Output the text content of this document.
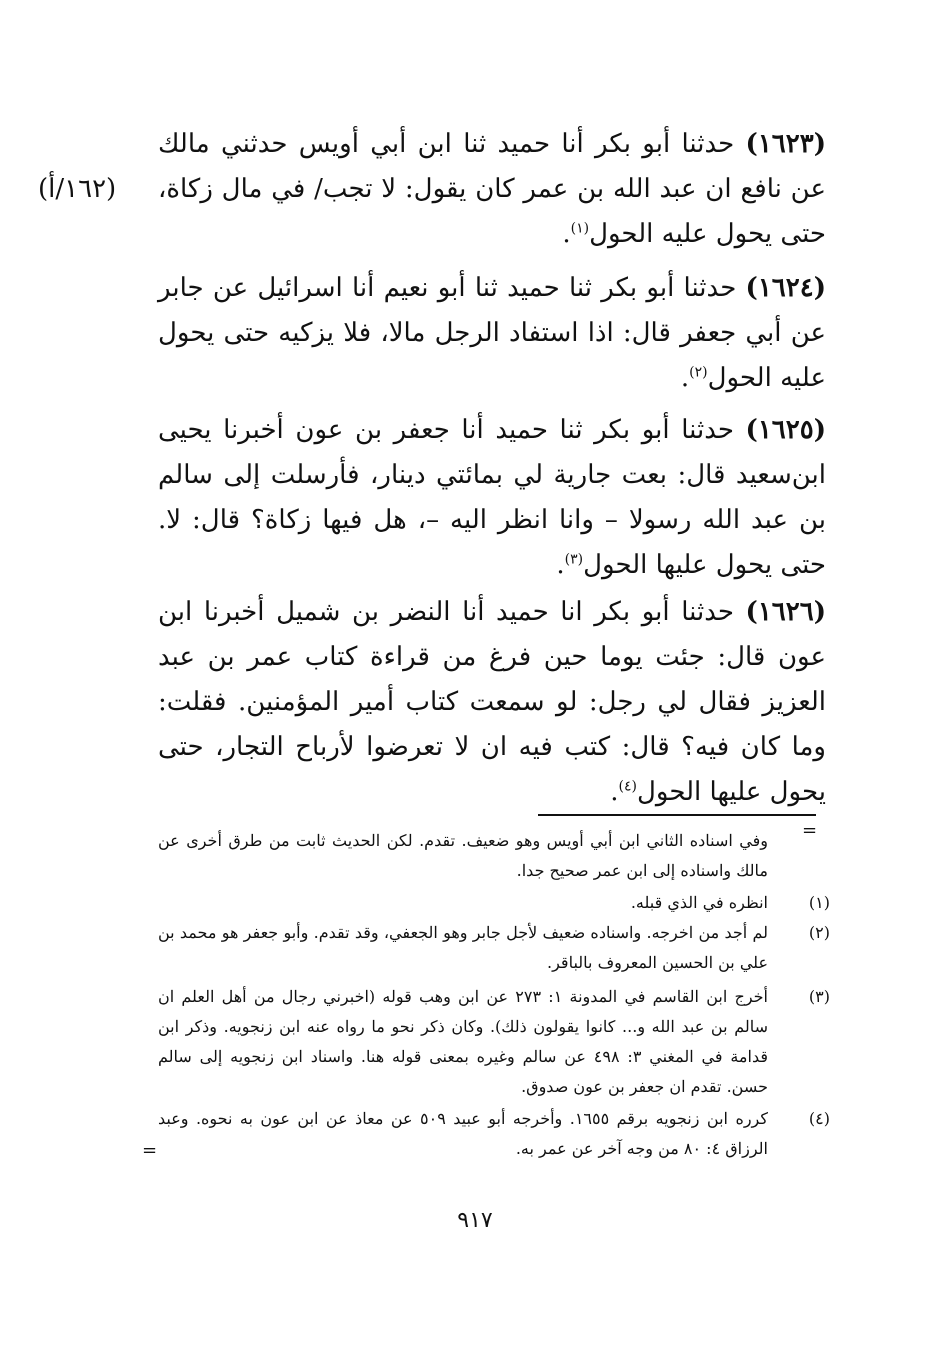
(١٦٢٣) حدثنا أبو بكر أنا حميد ثنا ابن أبي أويس حدثني مالك عن نافع ان عبد الله بن عمر كان يقول: لا تجب/ في مال زكاة، حتى يحول عليه الحول$^{(١)}$.
(١٦٢/أ)

(١٦٢٤) حدثنا أبو بكر ثنا حميد ثنا أبو نعيم أنا اسرائيل عن جابر عن أبي جعفر قال: اذا استفاد الرجل مالا، فلا يزكيه حتى يحول عليه الحول$^{(٢)}$.

(١٦٢٥) حدثنا أبو بكر ثنا حميد أنا جعفر بن عون أخبرنا يحيى ابن‌سعيد قال: بعت جارية لي بمائتي دينار، فأرسلت إلى سالم بن عبد الله رسولا – وانا انظر اليه –، هل فيها زكاة؟ قال: لا. حتى يحول عليها الحول$^{(٣)}$.

(١٦٢٦) حدثنا أبو بكر انا حميد أنا النضر بن شميل أخبرنا ابن عون قال: جئت يوما حين فرغ من قراءة كتاب عمر بن عبد العزيز فقال لي رجل: لو سمعت كتاب أمير المؤمنين. فقلت: وما كان فيه؟ قال: كتب فيه ان لا تعرضوا لأرباح التجار، حتى يحول عليها الحول$^{(٤)}$.

=
وفي اسناده الثاني ابن أبي أويس وهو ضعيف. تقدم. لكن الحديث ثابت من طرق أخرى عن مالك واسناده إلى ابن عمر صحيح جدا.
(١)
انظره في الذي قبله.
(٢)
لم أجد من اخرجه. واسناده ضعيف لأجل جابر وهو الجعفي، وقد تقدم. وأبو جعفر هو محمد بن علي بن الحسين المعروف بالباقر.
(٣)
أخرج ابن القاسم في المدونة ١: ٢٧٣ عن ابن وهب قوله (اخبرني رجال من أهل العلم ان سالم بن عبد الله و... كانوا يقولون ذلك). وكان ذكر نحو ما رواه عنه ابن زنجويه. وذكر ابن قدامة في المغني ٣: ٤٩٨ عن سالم وغيره بمعنى قوله هنا. واسناد ابن زنجويه إلى سالم حسن. تقدم ان جعفر بن عون صدوق.
(٤)
كرره ابن زنجويه برقم ١٦٥٥. وأخرجه أبو عبيد ٥٠٩ عن معاذ عن ابن عون به نحوه. وعبد الرزاق ٤: ٨٠ من وجه آخر عن عمر به.
=
٩١٧
